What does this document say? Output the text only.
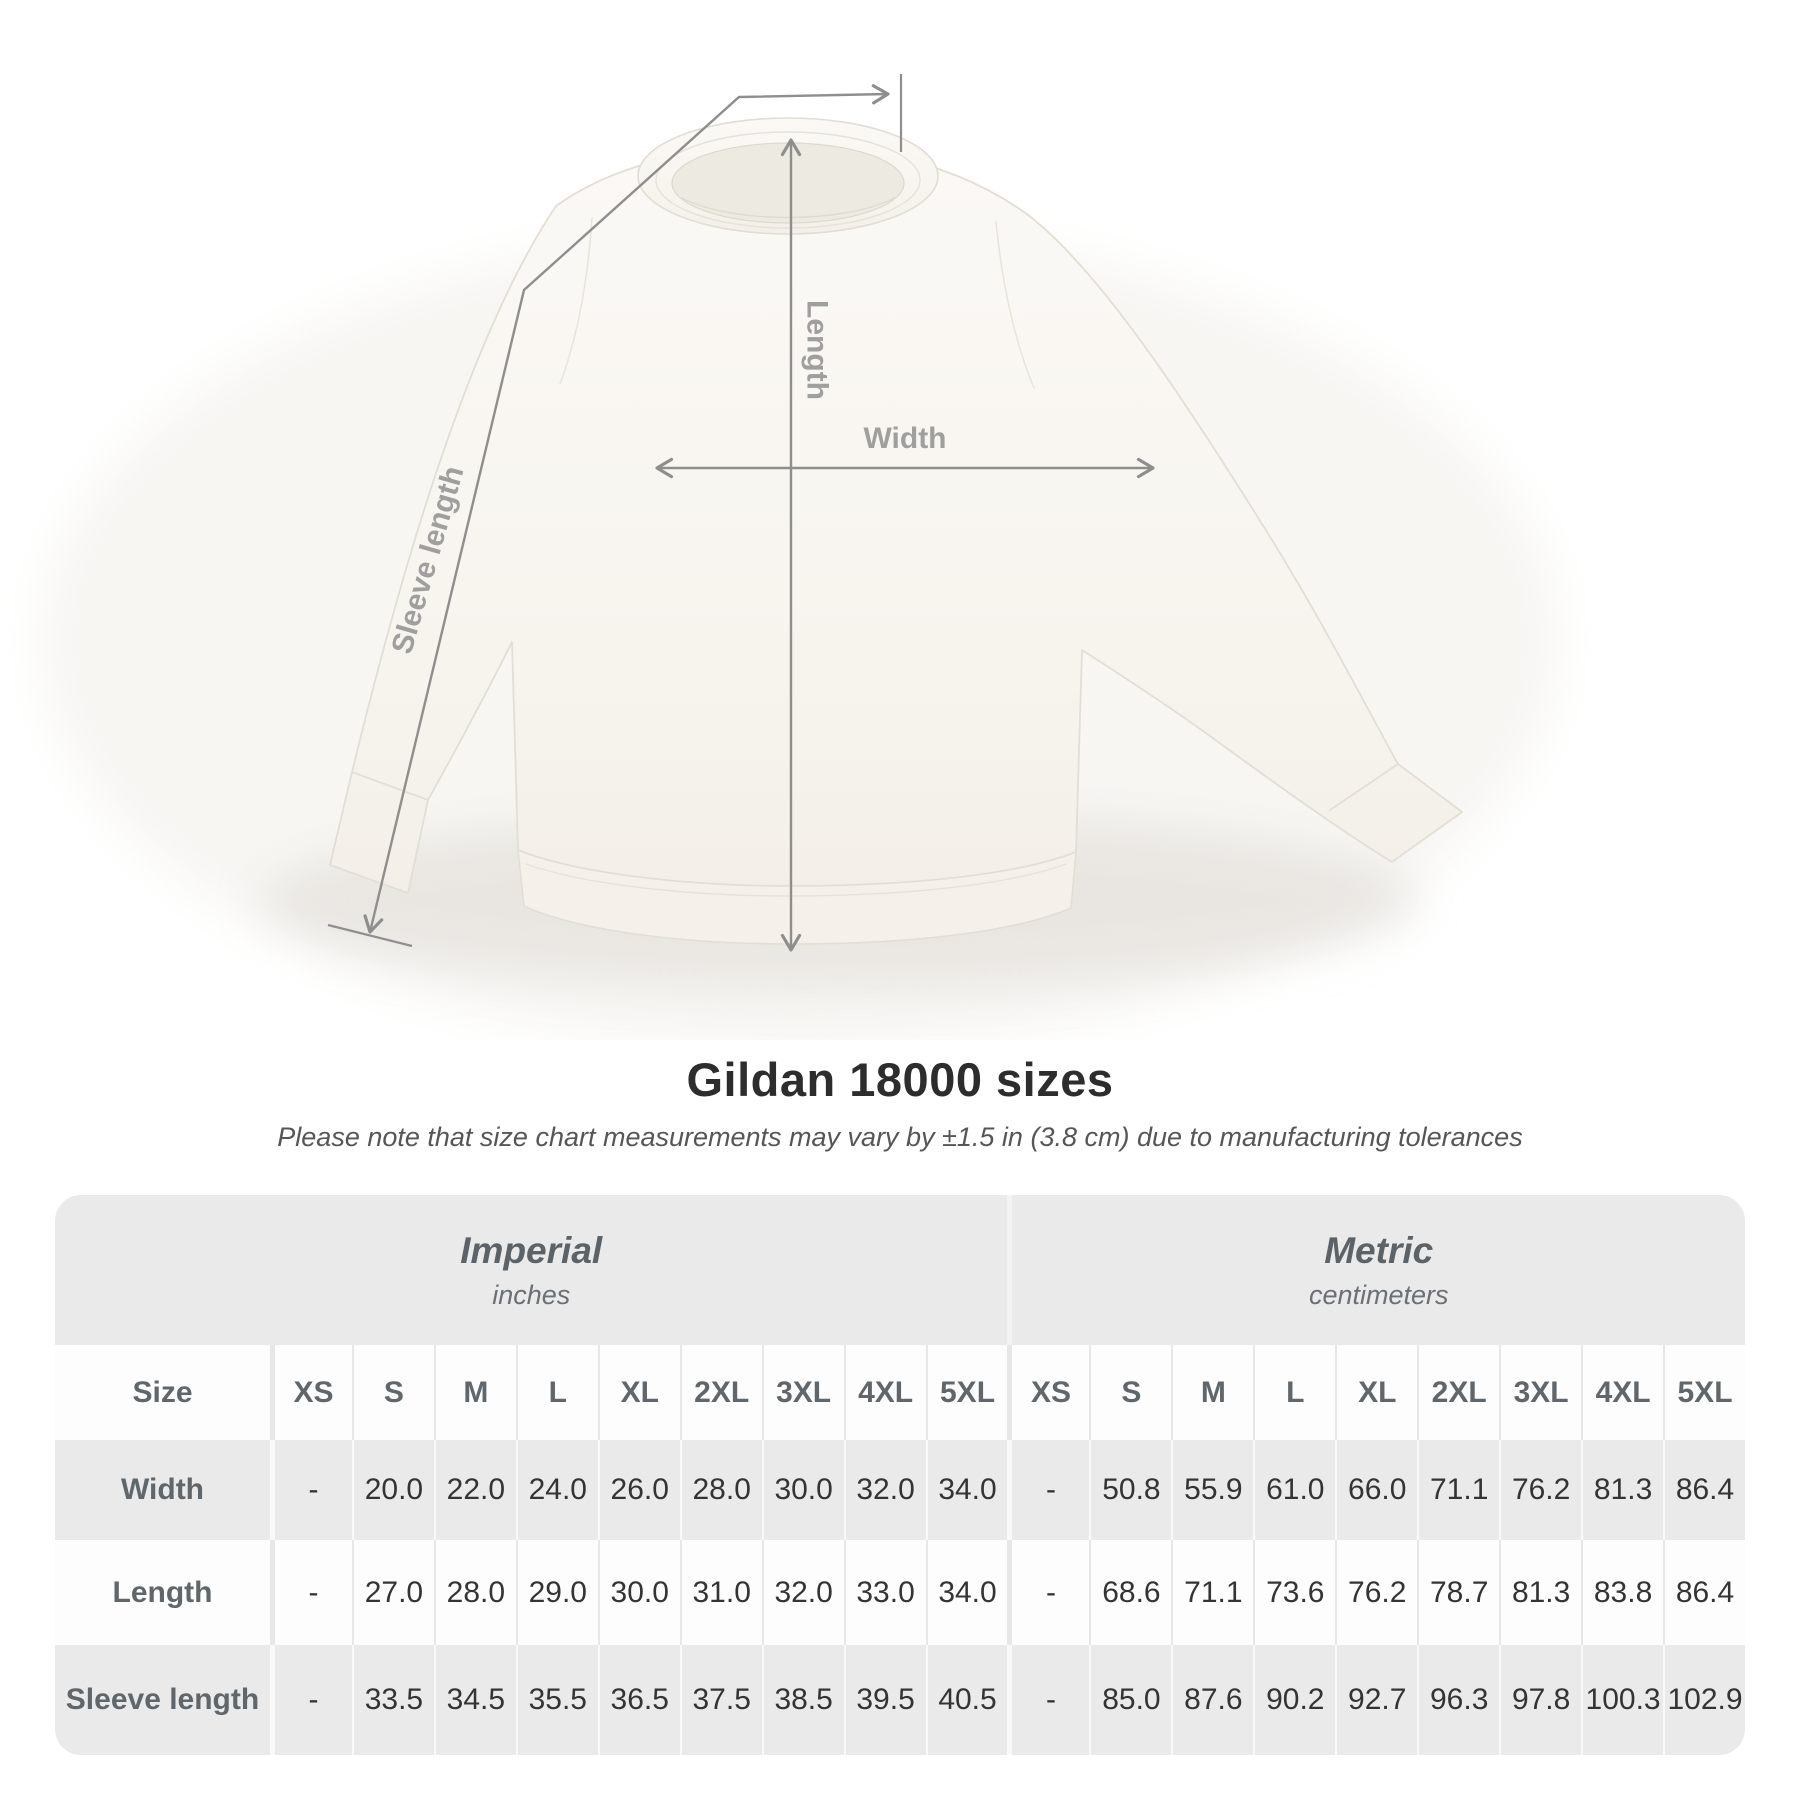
Length
Width
Sleeve length
Gildan 18000 sizes
Please note that size chart measurements may vary by ±1.5 in (3.8 cm) due to manufacturing tolerances
Imperial
inches
Metric
centimeters
Size	XS	S	M	L	XL	2XL 3XL 4XL 5XL	XS	S	M	L	XL	2XL 3XL 4XL 5XL
Width	-	20.0 22.0 24.0 26.0 28.0 30.0 32.0 34.0	-	50.8 55.9 61.0 66.0 71.1 76.2 81.3 86.4
Length	-	27.0 28.0 29.0 30.0 31.0 32.0 33.0 34.0	-	68.6 71.1 73.6 76.2 78.7 81.3 83.8 86.4
Sleeve length	-	33.5 34.5 35.5 36.5 37.5 38.5 39.5 40.5	-	85.0 87.6 90.2 92.7 96.3 97.8 100.3 102.9
